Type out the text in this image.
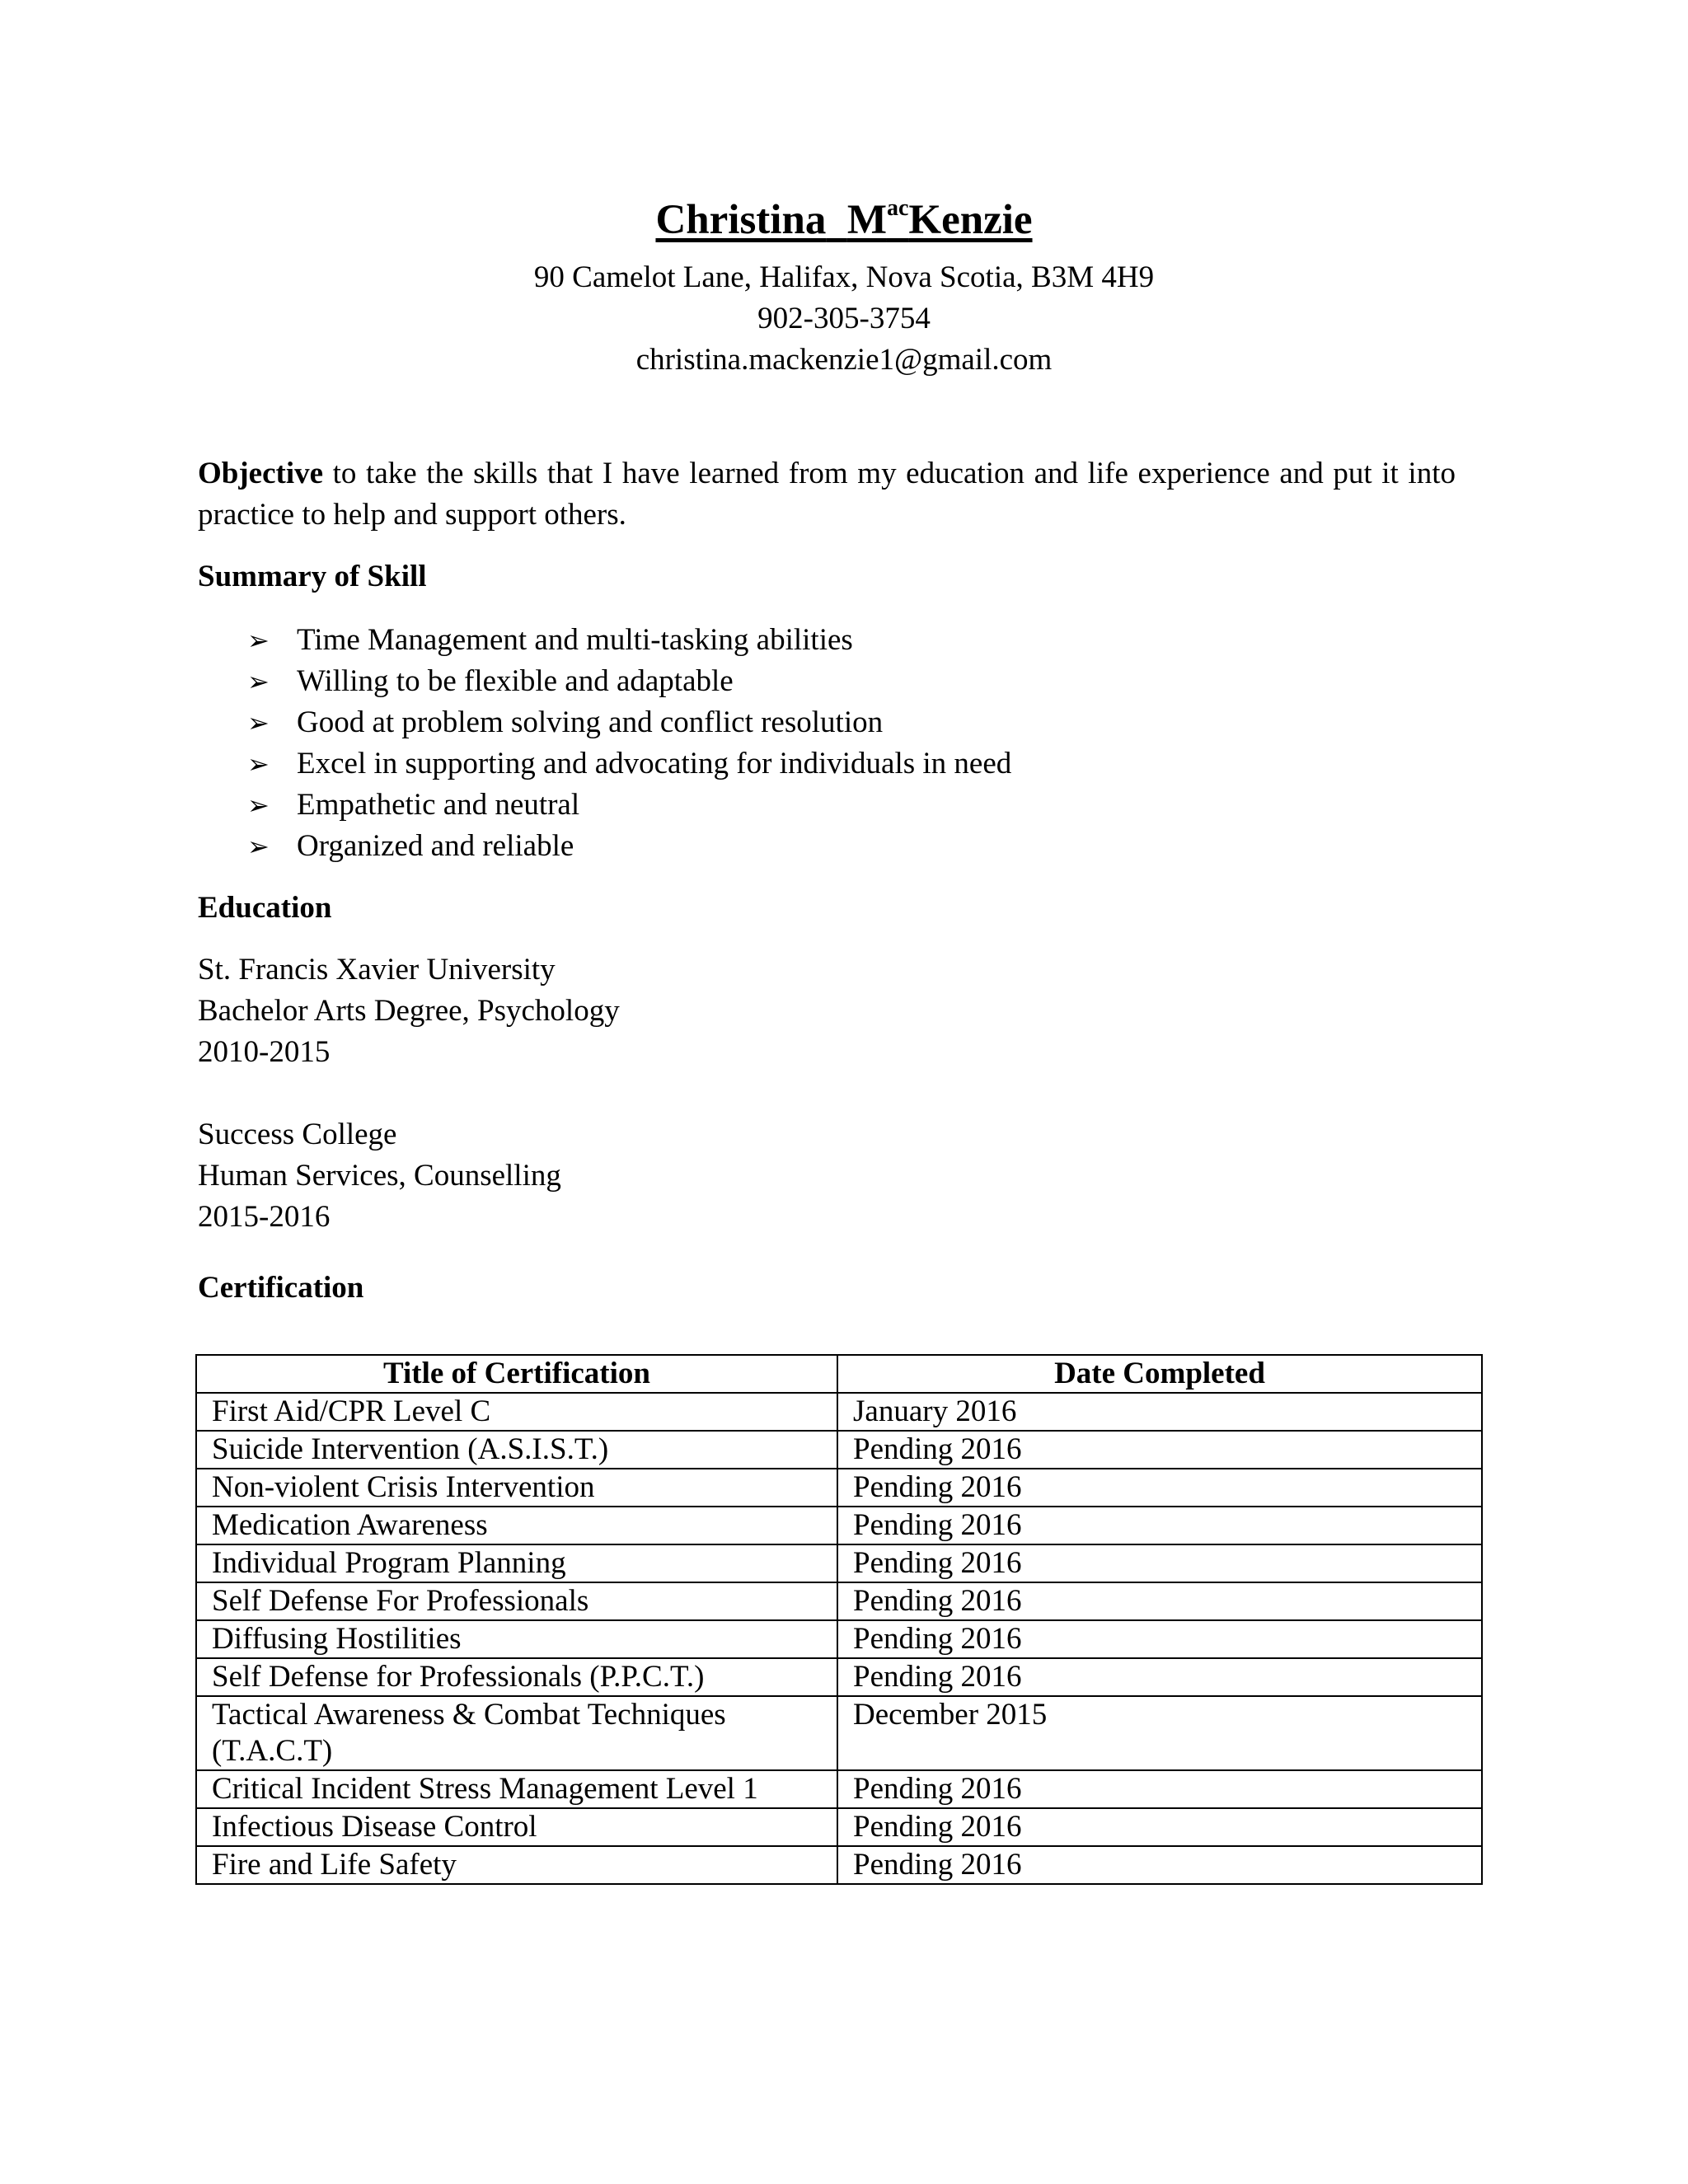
Christina $M^{ac}Kenzie$

90 Camelot Lane, Halifax, Nova Scotia, B3M 4H9

902-305-3754

christina.mackenzie1@gmail.com

Objective to take the skills that I have learned from my education and life experience and put it into practice to help and support others.

Summary of Skill

➢ Time Management and multi-tasking abilities
➢ Willing to be flexible and adaptable
➢ Good at problem solving and conflict resolution
➢ Excel in supporting and advocating for individuals in need
➢ Empathetic and neutral
➢ Organized and reliable

Education

St. Francis Xavier University

Bachelor Arts Degree, Psychology

2010-2015

Success College

Human Services, Counselling

2015-2016

Certification

Title of Certification	Date Completed
First Aid/CPR Level C	January 2016
Suicide Intervention (A.S.I.S.T.)	Pending 2016
Non-violent Crisis Intervention	Pending 2016
Medication Awareness	Pending 2016
Individual Program Planning	Pending 2016
Self Defense For Professionals	Pending 2016
Diffusing Hostilities	Pending 2016
Self Defense for Professionals (P.P.C.T.)	Pending 2016
Tactical Awareness & Combat Techniques (T.A.C.T)	December 2015
Critical Incident Stress Management Level 1	Pending 2016
Infectious Disease Control	Pending 2016
Fire and Life Safety	Pending 2016
